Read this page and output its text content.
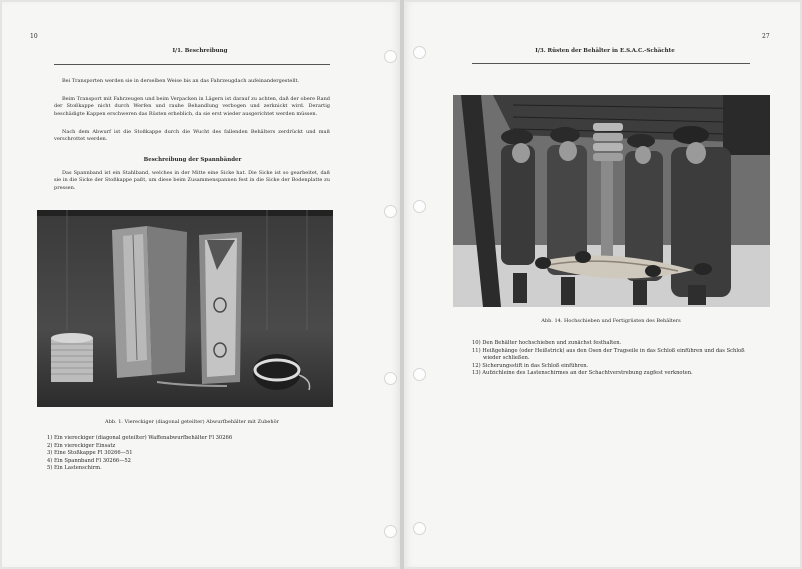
10
I/1. Beschreibung

Bei Transporten werden sie in derselben Weise bis an das Fahrzeugdach aufeinandergestellt.

Beim Transport mit Fahrzeugen und beim Verpacken in Lägern ist darauf zu achten, daß der obere Rand der Stoßkappe nicht durch Werfen und rauhe Behandlung verbogen und zerknickt wird. Derartig beschädigte Kappen erschweren das Rüsten erheblich, da sie erst wieder ausgerichtet werden müssen.

Nach dem Abwurf ist die Stoßkappe durch die Wucht des fallenden Behälters zerdrückt und muß verschrottet werden.

Beschreibung der Spannbänder

Das Spannband ist ein Stahlband, welches in der Mitte eine Sicke hat. Die Sicke ist so gearbeitet, daß sie in die Sicke der Stoßkappe paßt, um diese beim Zusammenspannen fest in die Sicke der Bodenplatte zu pressen.

Abb. 1. Viereckiger (diagonal geteilter) Abwurfbehälter mit Zubehör
1) Ein viereckiger (diagonal geteilter) Waffenabwurfbehälter Fl 30266
2) Ein viereckiger Einsatz
3) Eine Stoßkappe Fl 30266—51
4) Ein Spannband Fl 30266—52
5) Ein Lastenschirm.
27
I/3. Rüsten der Behälter in E.S.A.C.-Schächte
Abb. 14. Hochschieben und Fertigrüsten des Behälters
10) Den Behälter hochschieben und zunächst festhalten.
11) Heißgehänge (oder Heißstrick) aus den Osen der Tragseile in das Schloß einführen und das Schloß wieder schließen.
12) Sicherungsstift in das Schloß einführen.
13) Aufzichleine des Lastenschirmes an der Schachtverstrebung zugfest verknoten.
